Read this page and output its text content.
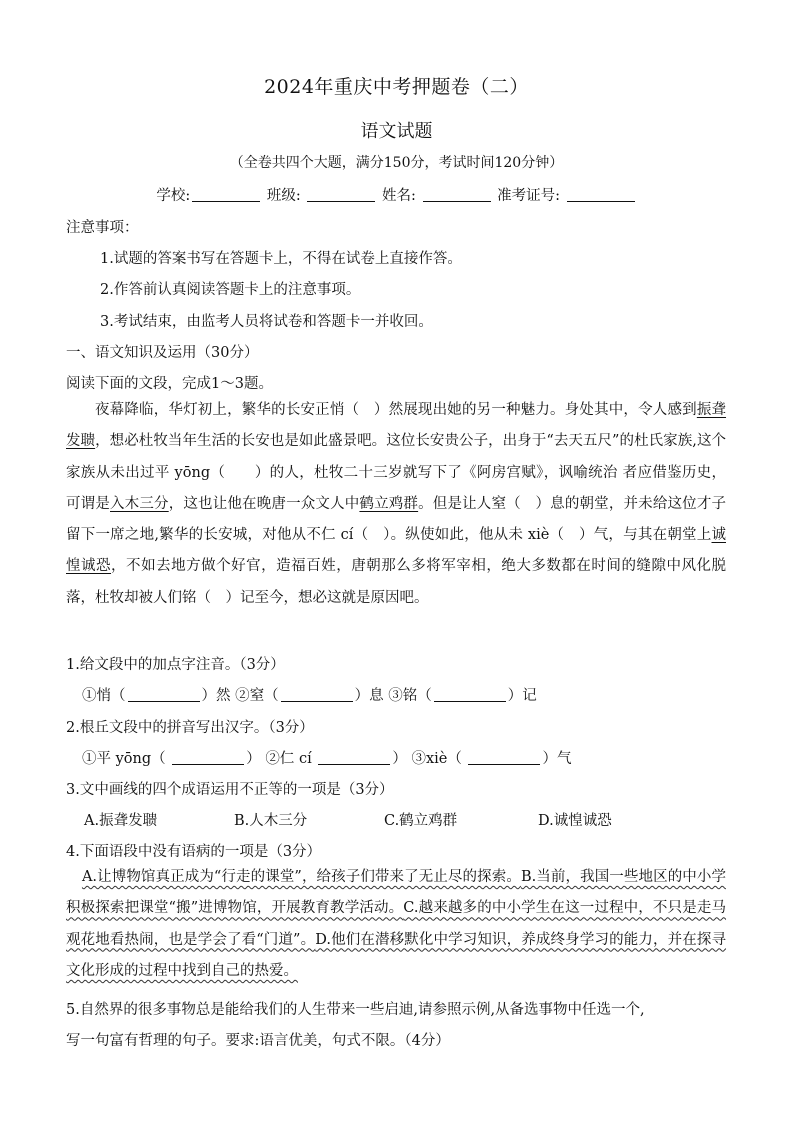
2024年重庆中考押题卷（二）
语文试题
（全卷共四个大题，满分150分，考试时间120分钟）
学校:	班级:	姓名:	准考证号:
注意事项：
1.试题的答案书写在答题卡上，不得在试卷上直接作答。
2.作答前认真阅读答题卡上的注意事项。
3.考试结束，由监考人员将试卷和答题卡一并收回。
一、语文知识及运用（30分）
阅读下面的文段，完成1～3题。

夜幕降临，华灯初上，繁华的长安正悄（　）然展现出她的另一种魅力。身处其中，令人感到振聋发聩，想必杜牧当年生活的长安也是如此盛景吧。这位长安贵公子，出身于“去天五尺”的杜氏家族,这个家族从未出过平 yōng（　　）的人，杜牧二十三岁就写下了《阿房宫赋》，讽喻统治 者应借鉴历史，可谓是入木三分，这也让他在晚唐一众文人中鹤立鸡群。但是让人窒（　）息的朝堂，并未给这位才子留下一席之地,繁华的长安城，对他从不仁 cí（　）。纵使如此，他从未 xiè（　）气，与其在朝堂上诚惶诚恐，不如去地方做个好官，造福百姓，唐朝那么多将军宰相，绝大多数都在时间的缝隙中风化脱落，杜牧却被人们铭（　）记至今，想必这就是原因吧。

1.给文段中的加点字注音。（3分）
①悄（	）然 ②窒（	）息 ③铭（	）记
2.根丘文段中的拼音写出汉字。（3分）
①平 yōng（	） ②仁 cí	） ③xiè（	）气
3.文中画线的四个成语运用不正等的一项是（3分）
A.振聋发聩	B.人木三分	C.鹤立鸡群	D.诚惶诚恐
4.下面语段中没有语病的一项是（3分）

A.让博物馆真正成为“行走的课堂”，给孩子们带来了无止尽的探索。B.当前，我国一些地区的中小学积极探索把课堂“搬”进博物馆，开展教育教学活动。C.越来越多的中小学生在这一过程中，不只是走马观花地看热闹，也是学会了看“门道”。D.他们在潜移默化中学习知识，养成终身学习的能力，并在探寻文化形成的过程中找到自己的热爱。

5.自然界的很多事物总是能给我们的人生带来一些启迪,请参照示例,从备选事物中任选一个,
写一句富有哲理的句子。要求:语言优美，句式不限。（4分）
